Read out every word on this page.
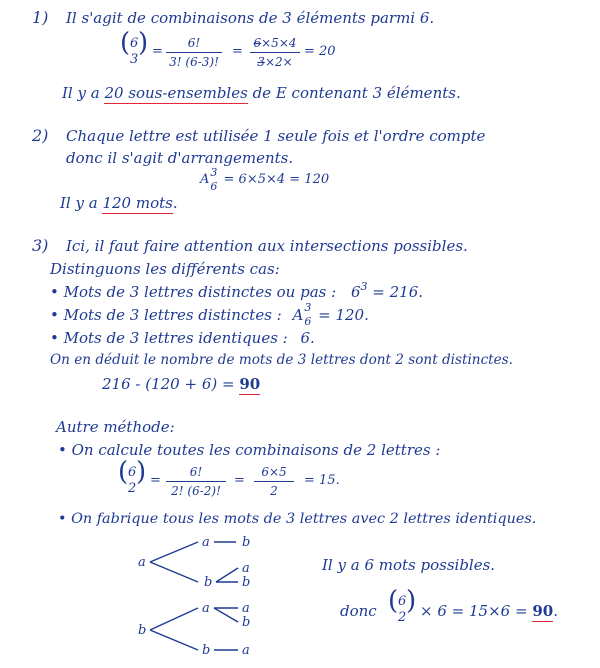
1) Il s'agit de combinaisons de 3 éléments parmi 6.
( 6
3
) =
6!
3! (6-3)!
=
6×5×4
3×2×
= 20
Il y a 20 sous-ensembles de E contenant 3 éléments.
2) Chaque lettre est utilisée 1 seule fois et l'ordre compte
donc il s'agit d'arrangements.
A 3
6 = 6×5×4 = 120
Il y a 120 mots.
3) Ici, il faut faire attention aux intersections possibles.
Distinguons les différents cas:
• Mots de 3 lettres distinctes ou pas : $6^3 = 216$.
• Mots de 3 lettres distinctes : A 3
6 = 120.
• Mots de 3 lettres identiques : 6.
On en déduit le nombre de mots de 3 lettres dont 2 sont distinctes.
216 - (120 + 6) = 90
Autre méthode:
• On calcule toutes les combinaisons de 2 lettres :
( 6
2
) =
6!
2! (6-2)!
=
6×5
2
= 15.
• On fabrique tous les mots de 3 lettres avec 2 lettres identiques.
a
a b
a
b b
b
a a
b
b a
Il y a 6 mots possibles.
donc ( 6
2
) × 6 = 15×6 = 90.
